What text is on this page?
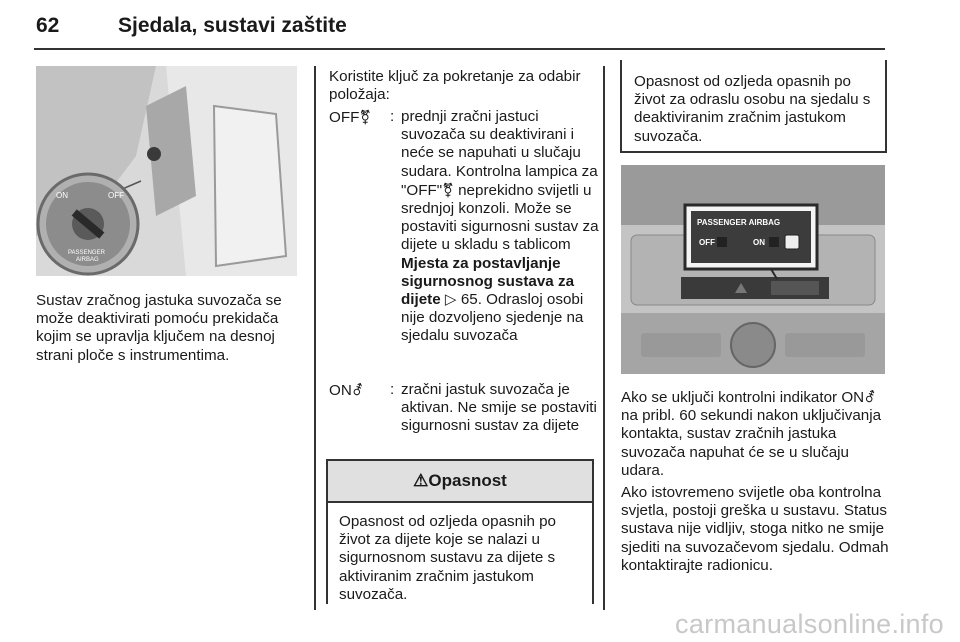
62	Sjedala, sustavi zaštite
ON	OFF
PASSENGER
AIRBAG
Sustav zračnog jastuka suvozača se može deaktivirati pomoću prekidača kojim se upravlja ključem na desnoj strani ploče s instrumentima.
Koristite ključ za pokretanje za odabir položaja:
OFF⚧ : prednji zračni jastuci suvozača su deaktivirani i neće se napuhati u slučaju sudara. Kontrolna lampica za "OFF"⚧ neprekidno svijetli u srednjoj konzoli. Može se postaviti sigurnosni sustav za dijete u skladu s tablicom Mjesta za postavljanje sigurnosnog sustava za dijete ▷ 65. Odrasloj osobi nije dozvoljeno sjedenje na sjedalu suvozača
ON⚦ : zračni jastuk suvozača je aktivan. Ne smije se postaviti sigurnosni sustav za dijete
⚠Opasnost
Opasnost od ozljeda opasnih po život za dijete koje se nalazi u sigurnosnom sustavu za dijete s aktiviranim zračnim jastukom suvozača.
Opasnost od ozljeda opasnih po život za odraslu osobu na sjedalu s deaktiviranim zračnim jastukom suvozača.
PASSENGER AIRBAG
OFF	ON
Ako se uključi kontrolni indikator ON⚦ na pribl. 60 sekundi nakon uključivanja kontakta, sustav zračnih jastuka suvozača napuhat će se u slučaju udara.
Ako istovremeno svijetle oba kontrolna svjetla, postoji greška u sustavu. Status sustava nije vidljiv, stoga nitko ne smije sjediti na suvozačevom sjedalu. Odmah kontaktirajte radionicu.
carmanualsonline.info
